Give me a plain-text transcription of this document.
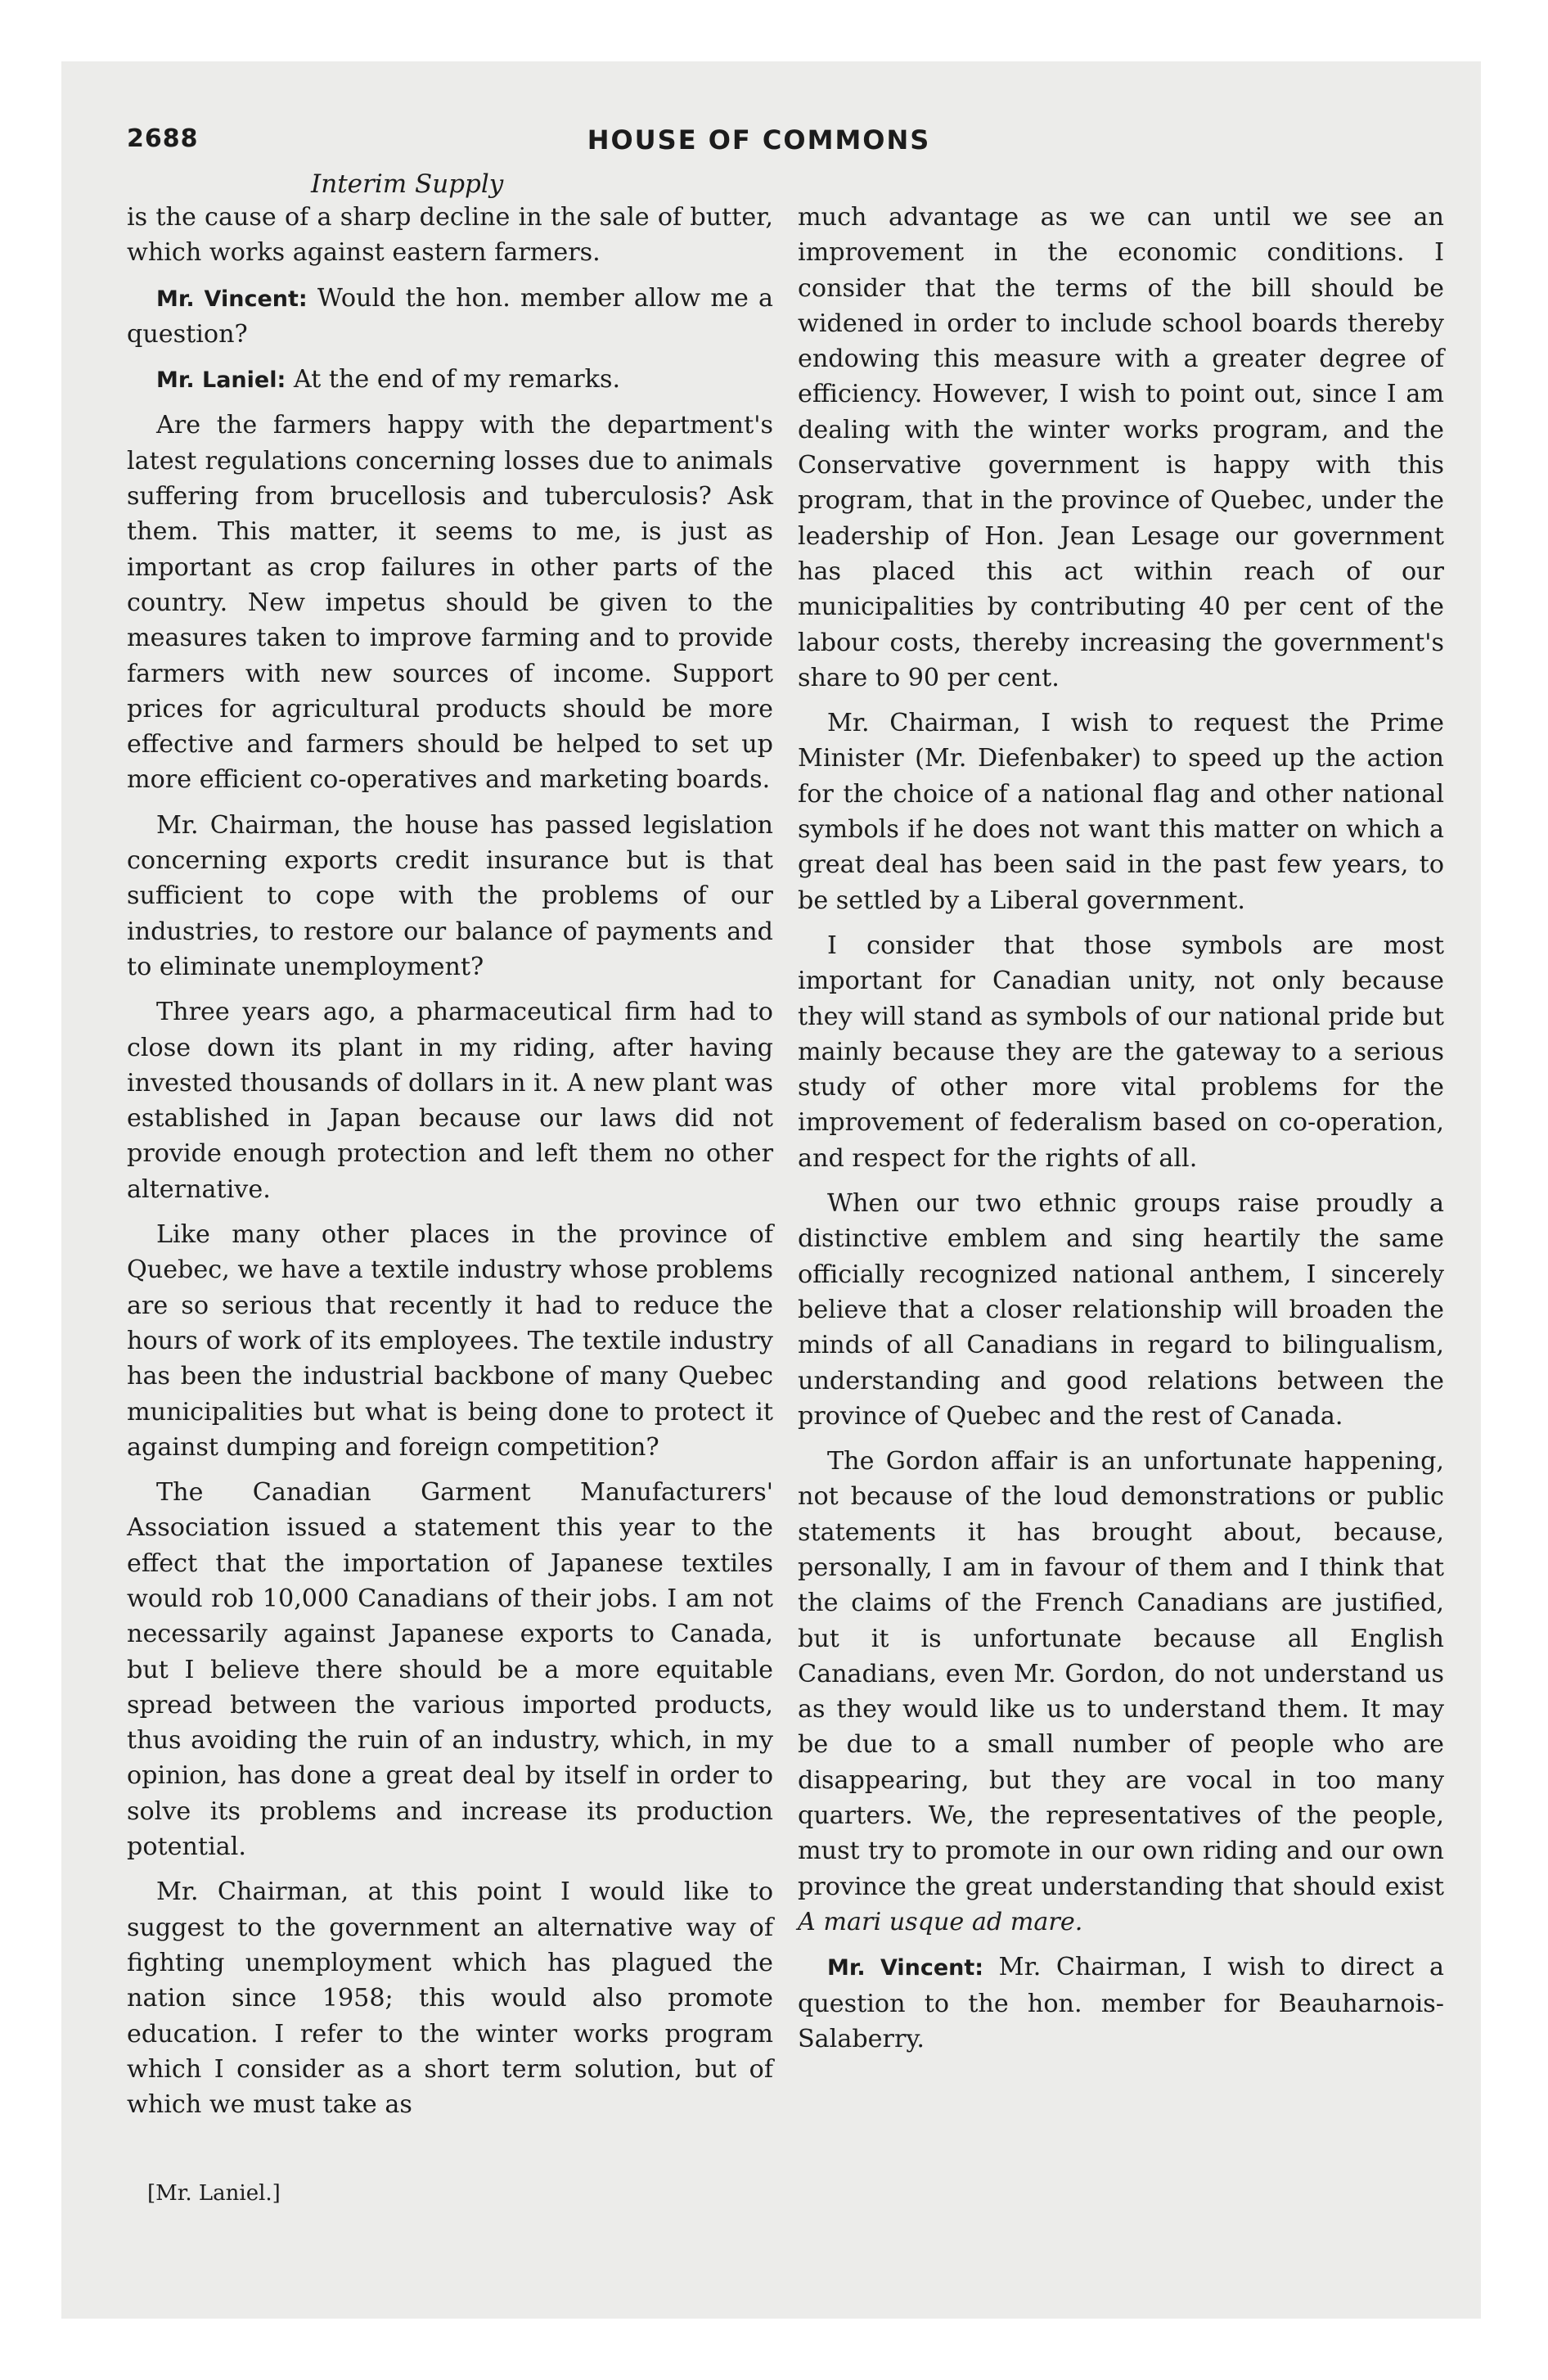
2688	HOUSE OF COMMONS
Interim Supply

is the cause of a sharp decline in the sale of butter, which works against eastern farmers.

Mr. Vincent: Would the hon. member allow me a question?

Mr. Laniel: At the end of my remarks.

Are the farmers happy with the department's latest regulations concerning losses due to animals suffering from brucellosis and tuberculosis? Ask them. This matter, it seems to me, is just as important as crop failures in other parts of the country. New impetus should be given to the measures taken to improve farming and to provide farmers with new sources of income. Support prices for agricultural products should be more effective and farmers should be helped to set up more efficient co-operatives and marketing boards.

Mr. Chairman, the house has passed legislation concerning exports credit insurance but is that sufficient to cope with the problems of our industries, to restore our balance of payments and to eliminate unemployment?

Three years ago, a pharmaceutical firm had to close down its plant in my riding, after having invested thousands of dollars in it. A new plant was established in Japan because our laws did not provide enough protection and left them no other alternative.

Like many other places in the province of Quebec, we have a textile industry whose problems are so serious that recently it had to reduce the hours of work of its employees. The textile industry has been the industrial backbone of many Quebec municipalities but what is being done to protect it against dumping and foreign competition?

The Canadian Garment Manufacturers' Association issued a statement this year to the effect that the importation of Japanese textiles would rob 10,000 Canadians of their jobs. I am not necessarily against Japanese exports to Canada, but I believe there should be a more equitable spread between the various imported products, thus avoiding the ruin of an industry, which, in my opinion, has done a great deal by itself in order to solve its problems and increase its production potential.

Mr. Chairman, at this point I would like to suggest to the government an alternative way of fighting unemployment which has plagued the nation since 1958; this would also promote education. I refer to the winter works program which I consider as a short term solution, but of which we must take as

much advantage as we can until we see an improvement in the economic conditions. I consider that the terms of the bill should be widened in order to include school boards thereby endowing this measure with a greater degree of efficiency. However, I wish to point out, since I am dealing with the winter works program, and the Conservative government is happy with this program, that in the province of Quebec, under the leadership of Hon. Jean Lesage our government has placed this act within reach of our municipalities by contributing 40 per cent of the labour costs, thereby increasing the government's share to 90 per cent.

Mr. Chairman, I wish to request the Prime Minister (Mr. Diefenbaker) to speed up the action for the choice of a national flag and other national symbols if he does not want this matter on which a great deal has been said in the past few years, to be settled by a Liberal government.

I consider that those symbols are most important for Canadian unity, not only because they will stand as symbols of our national pride but mainly because they are the gateway to a serious study of other more vital problems for the improvement of federalism based on co-operation, and respect for the rights of all.

When our two ethnic groups raise proudly a distinctive emblem and sing heartily the same officially recognized national anthem, I sincerely believe that a closer relationship will broaden the minds of all Canadians in regard to bilingualism, understanding and good relations between the province of Quebec and the rest of Canada.

The Gordon affair is an unfortunate happening, not because of the loud demonstrations or public statements it has brought about, because, personally, I am in favour of them and I think that the claims of the French Canadians are justified, but it is unfortunate because all English Canadians, even Mr. Gordon, do not understand us as they would like us to understand them. It may be due to a small number of people who are disappearing, but they are vocal in too many quarters. We, the representatives of the people, must try to promote in our own riding and our own province the great understanding that should exist A mari usque ad mare.

Mr. Vincent: Mr. Chairman, I wish to direct a question to the hon. member for Beauharnois-Salaberry.

[Mr. Laniel.]
